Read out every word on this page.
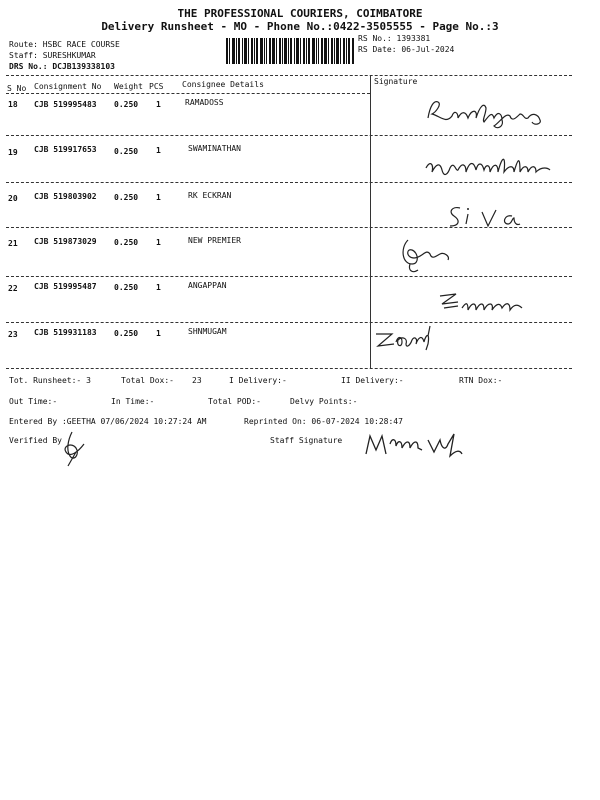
THE PROFESSIONAL COURIERS, COIMBATORE
Delivery Runsheet - MO - Phone No.:0422-3505555 - Page No.:3
Route: HSBC RACE COURSE
Staff: SURESHKUMAR
DRS No.: DCJB139338103
RS No.: 1393381
RS Date: 06-Jul-2024
S No Consignment No Weight PCS Consignee Details	Signature
18 CJB 519995483 0.250 1	RAMADOSS
19 CJB 519917653 0.250 1	SWAMINATHAN
20 CJB 519803902 0.250 1	RK ECKRAN
21 CJB 519873029 0.250 1	NEW PREMIER
22 CJB 519995487 0.250 1	ANGAPPAN
23 CJB 519931183 0.250 1	SHNMUGAM
Tot. Runsheet:- 3	Total Dox:- 23	I Delivery:-	II Delivery:-	RTN Dox:-
Out Time:-	In Time:-	Total POD:-	Delvy Points:-
Entered By :GEETHA 07/06/2024 10:27:24 AM	Reprinted On: 06-07-2024 10:28:47
Verified By	Staff Signature
